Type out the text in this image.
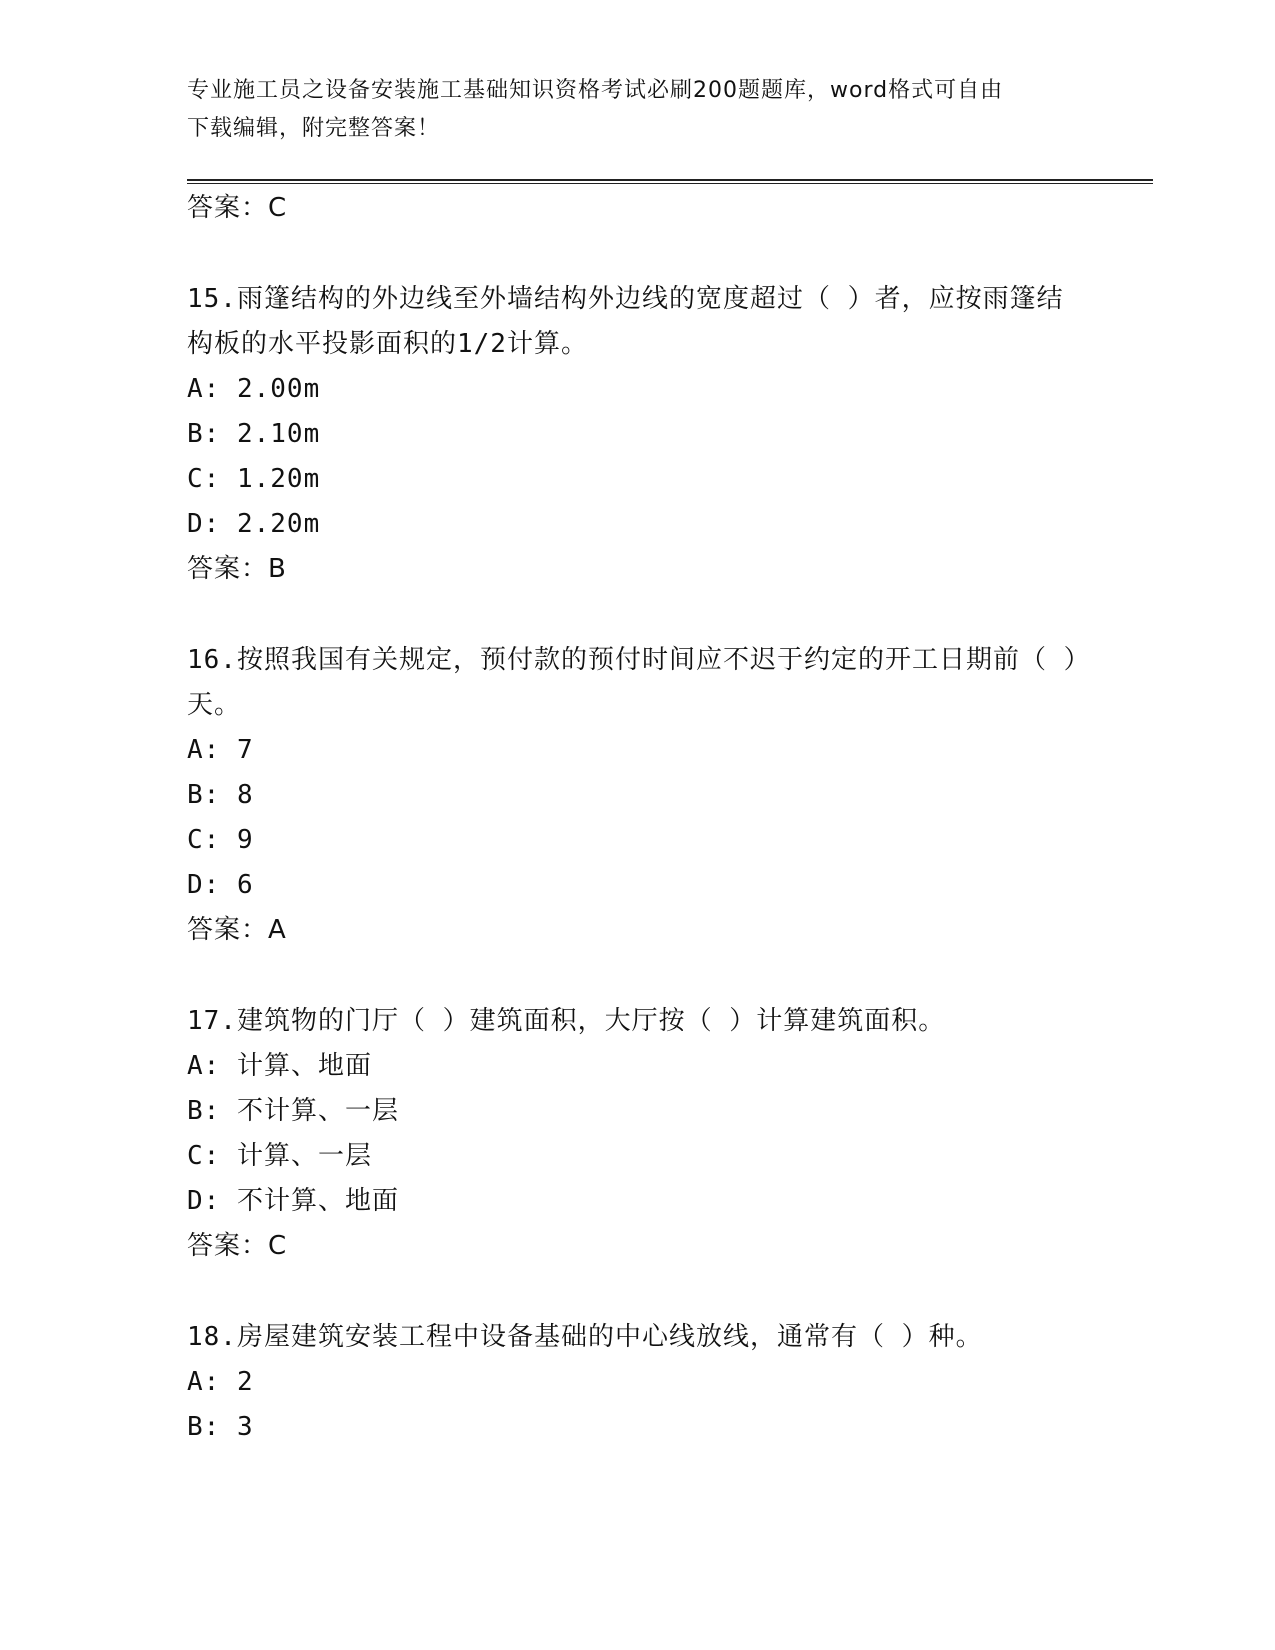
专业施工员之设备安装施工基础知识资格考试必刷200题题库，word格式可自由
下载编辑，附完整答案！
答案：C
15.雨篷结构的外边线至外墙结构外边线的宽度超过（ ）者，应按雨篷结构板的水平投影面积的1/2计算。
A: 2.00m
B: 2.10m
C: 1.20m
D: 2.20m
答案：B
16.按照我国有关规定，预付款的预付时间应不迟于约定的开工日期前（ ）天。
A: 7
B: 8
C: 9
D: 6
答案：A
17.建筑物的门厅（ ）建筑面积，大厅按（ ）计算建筑面积。
A: 计算、地面
B: 不计算、一层
C: 计算、一层
D: 不计算、地面
答案：C
18.房屋建筑安装工程中设备基础的中心线放线，通常有（ ）种。
A: 2
B: 3
